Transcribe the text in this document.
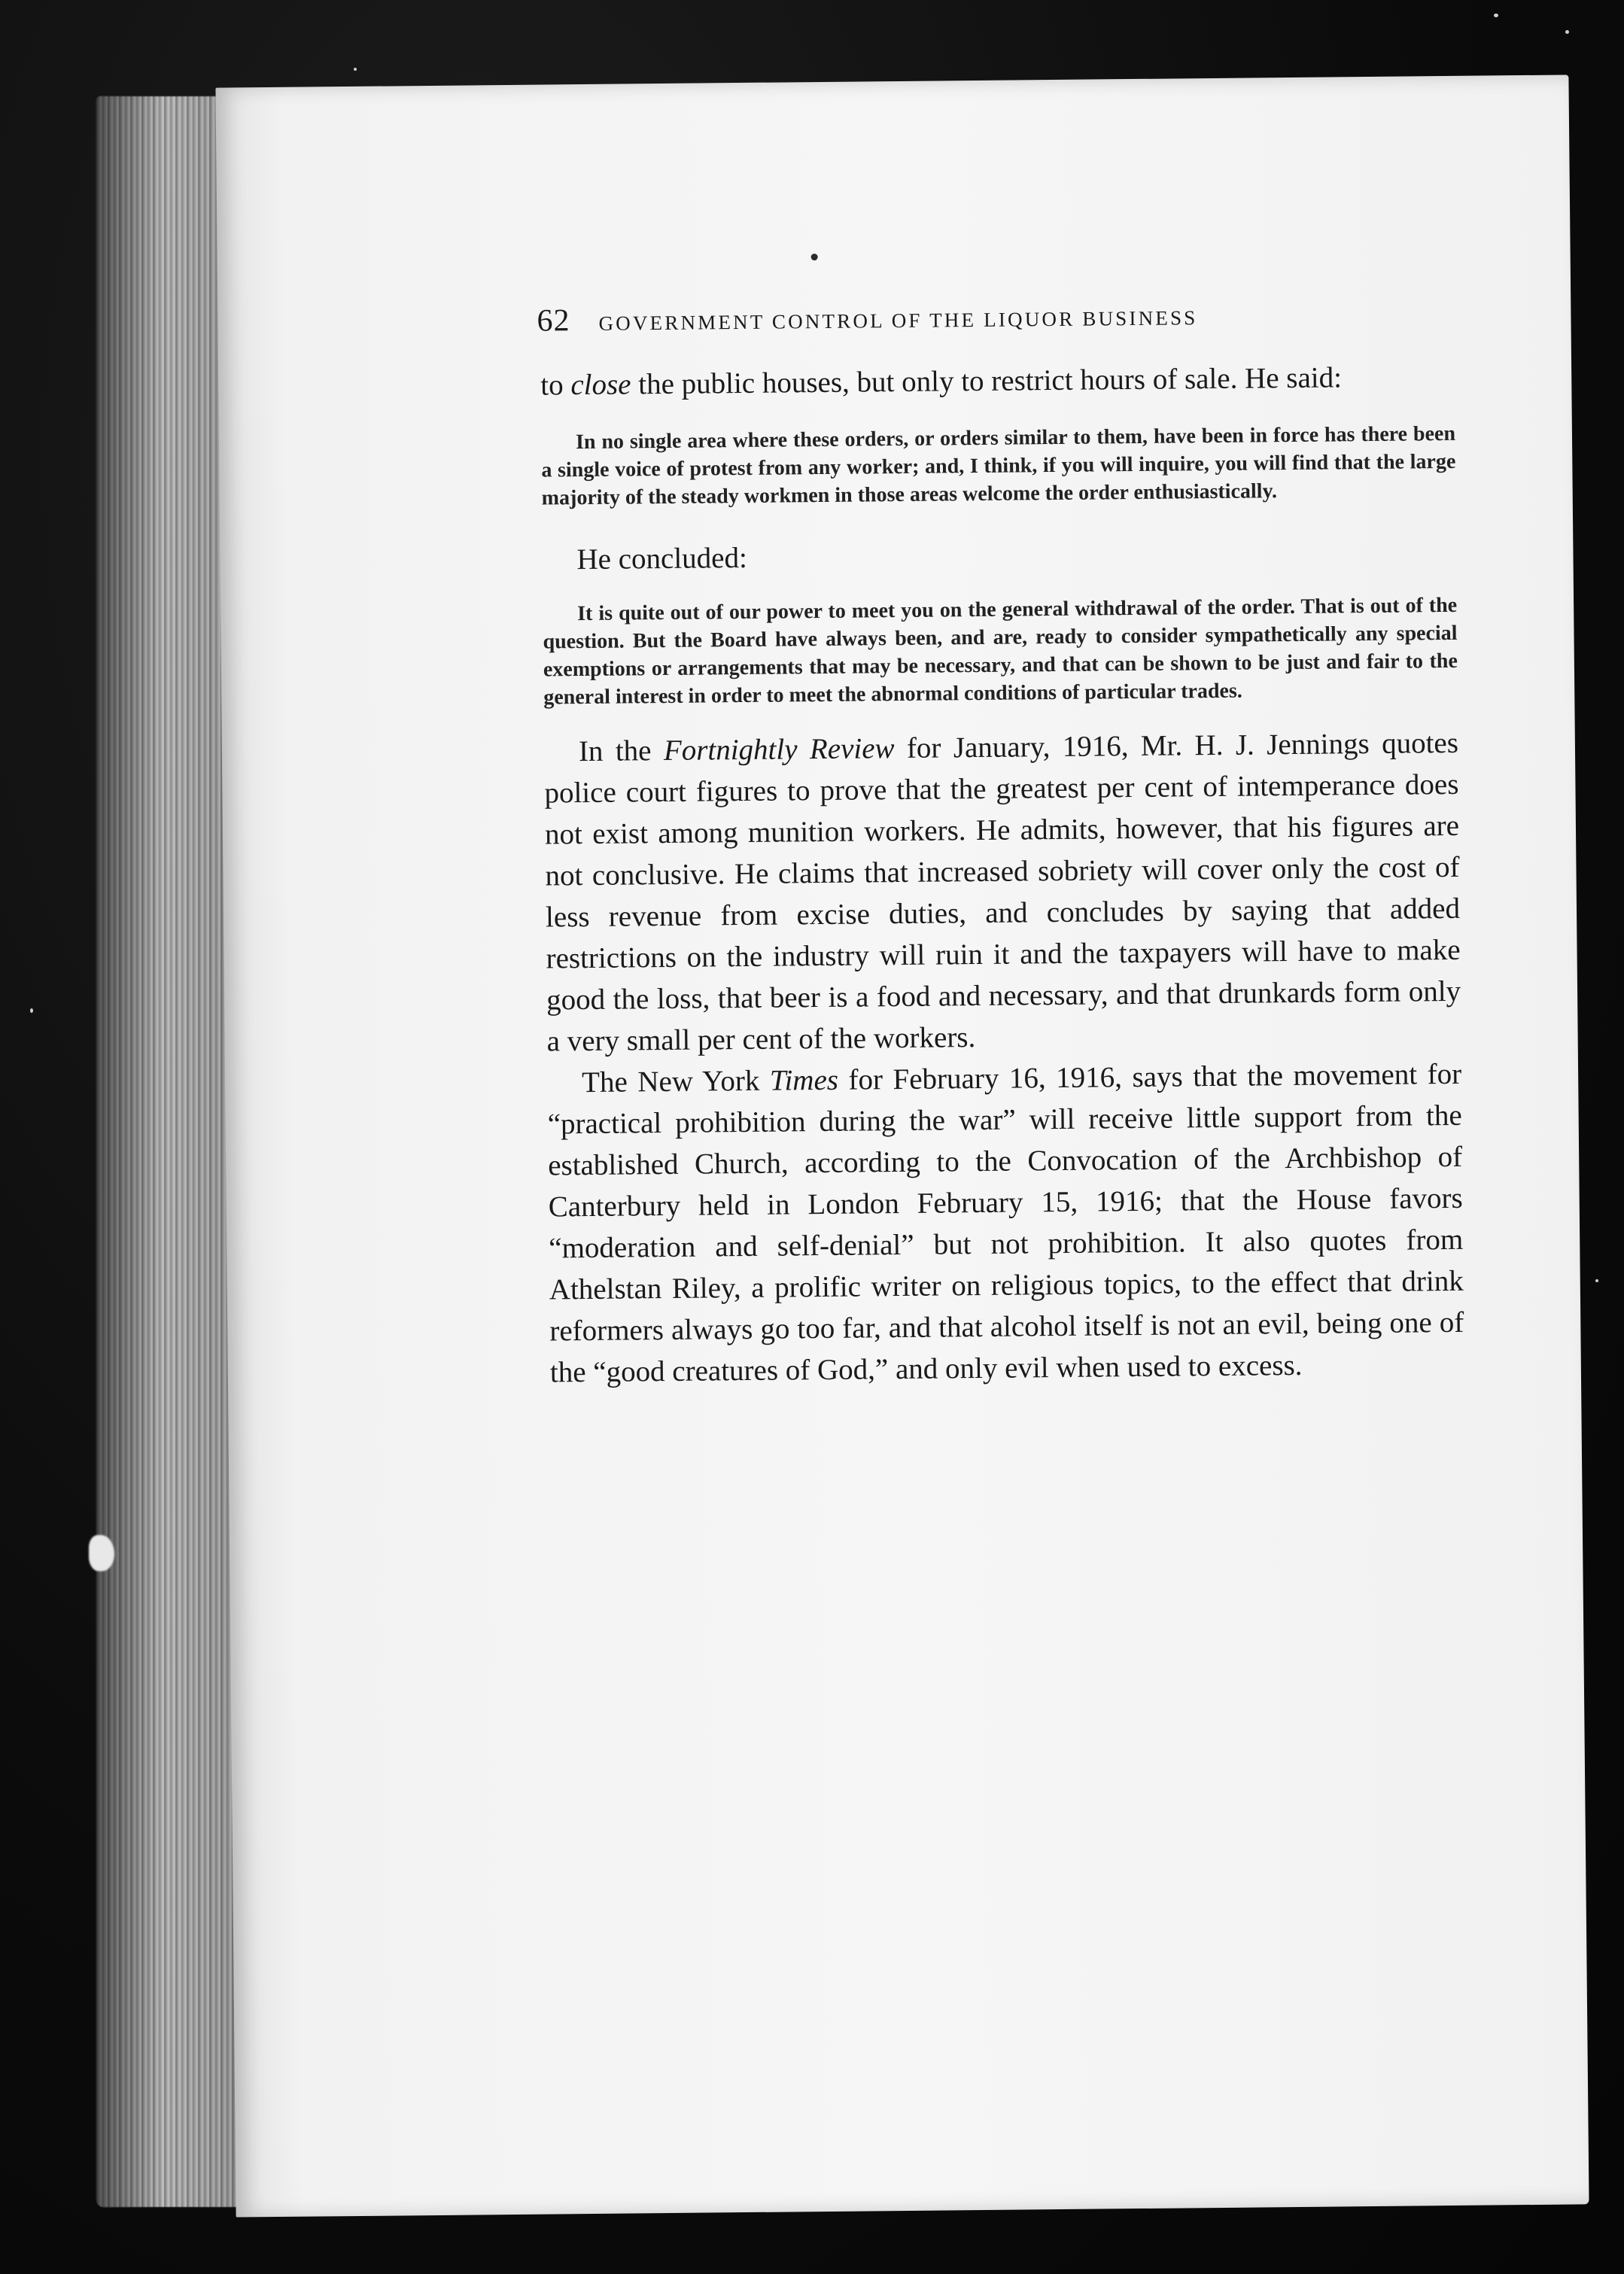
62 GOVERNMENT CONTROL OF THE LIQUOR BUSINESS

to close the public houses, but only to restrict hours of sale. He said:

In no single area where these orders, or orders similar to them, have been in force has there been a single voice of protest from any worker; and, I think, if you will inquire, you will find that the large majority of the steady workmen in those areas welcome the order enthusiastically.

He concluded:

It is quite out of our power to meet you on the general withdrawal of the order. That is out of the question. But the Board have always been, and are, ready to consider sympathetically any special exemptions or arrangements that may be necessary, and that can be shown to be just and fair to the general interest in order to meet the abnormal conditions of particular trades.

In the Fortnightly Review for January, 1916, Mr. H. J. Jennings quotes police court figures to prove that the greatest per cent of intemperance does not exist among munition workers. He admits, however, that his figures are not conclusive. He claims that increased sobriety will cover only the cost of less revenue from excise duties, and concludes by saying that added restrictions on the industry will ruin it and the taxpayers will have to make good the loss, that beer is a food and necessary, and that drunkards form only a very small per cent of the workers.

The New York Times for February 16, 1916, says that the movement for “practical prohibition during the war” will receive little support from the established Church, according to the Convocation of the Archbishop of Canterbury held in London February 15, 1916; that the House favors “moderation and self-denial” but not prohibition. It also quotes from Athelstan Riley, a prolific writer on religious topics, to the effect that drink reformers always go too far, and that alcohol itself is not an evil, being one of the “good creatures of God,” and only evil when used to excess.
